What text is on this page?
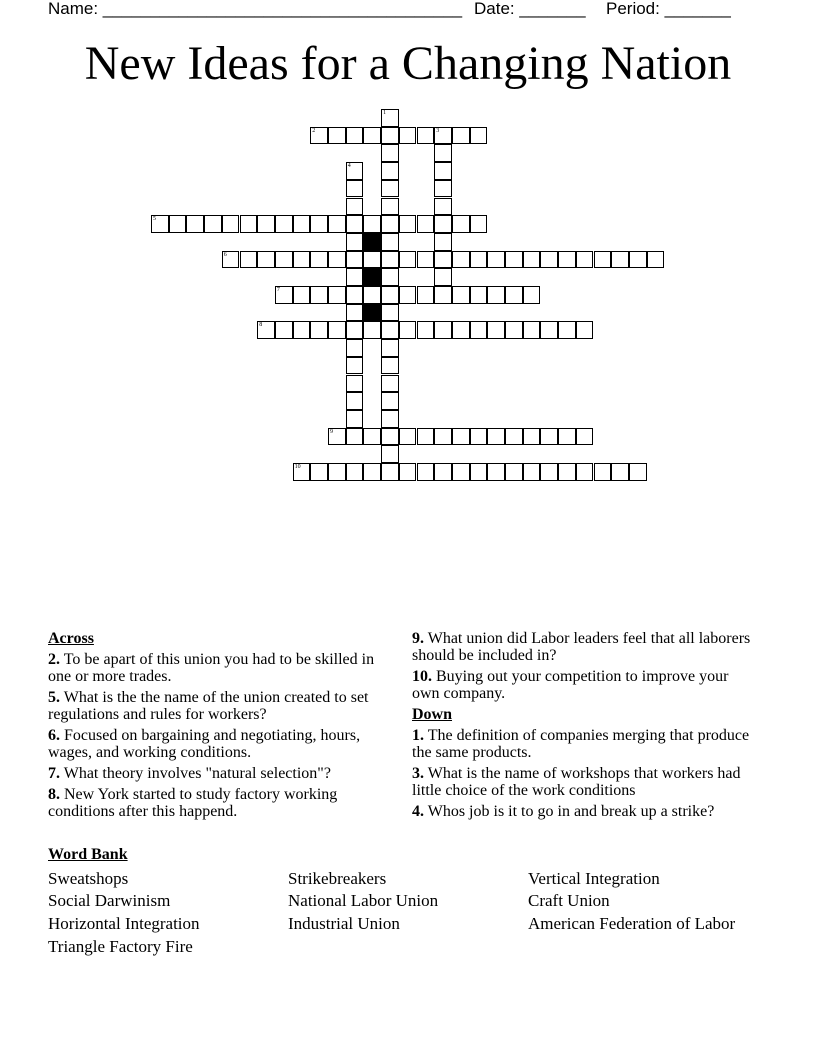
Name: ______________________________________ Date: _______ Period: _______
New Ideas for a Changing Nation
1
2	3
4
5
6
7
8
9
10
Across
2. To be apart of this union you had to be skilled in one or more trades.
5. What is the the name of the union created to set regulations and rules for workers?
6. Focused on bargaining and negotiating, hours, wages, and working conditions.
7. What theory involves "natural selection"?
8. New York started to study factory working conditions after this happend.
9. What union did Labor leaders feel that all laborers should be included in?
10. Buying out your competition to improve your own company.
Down
1. The definition of companies merging that produce the same products.
3. What is the name of workshops that workers had little choice of the work conditions
4. Whos job is it to go in and break up a strike?
Word Bank
Sweatshops	Strikebreakers	Vertical Integration
Social Darwinism	National Labor Union	Craft Union
Horizontal Integration	Industrial Union	American Federation of Labor
Triangle Factory Fire
